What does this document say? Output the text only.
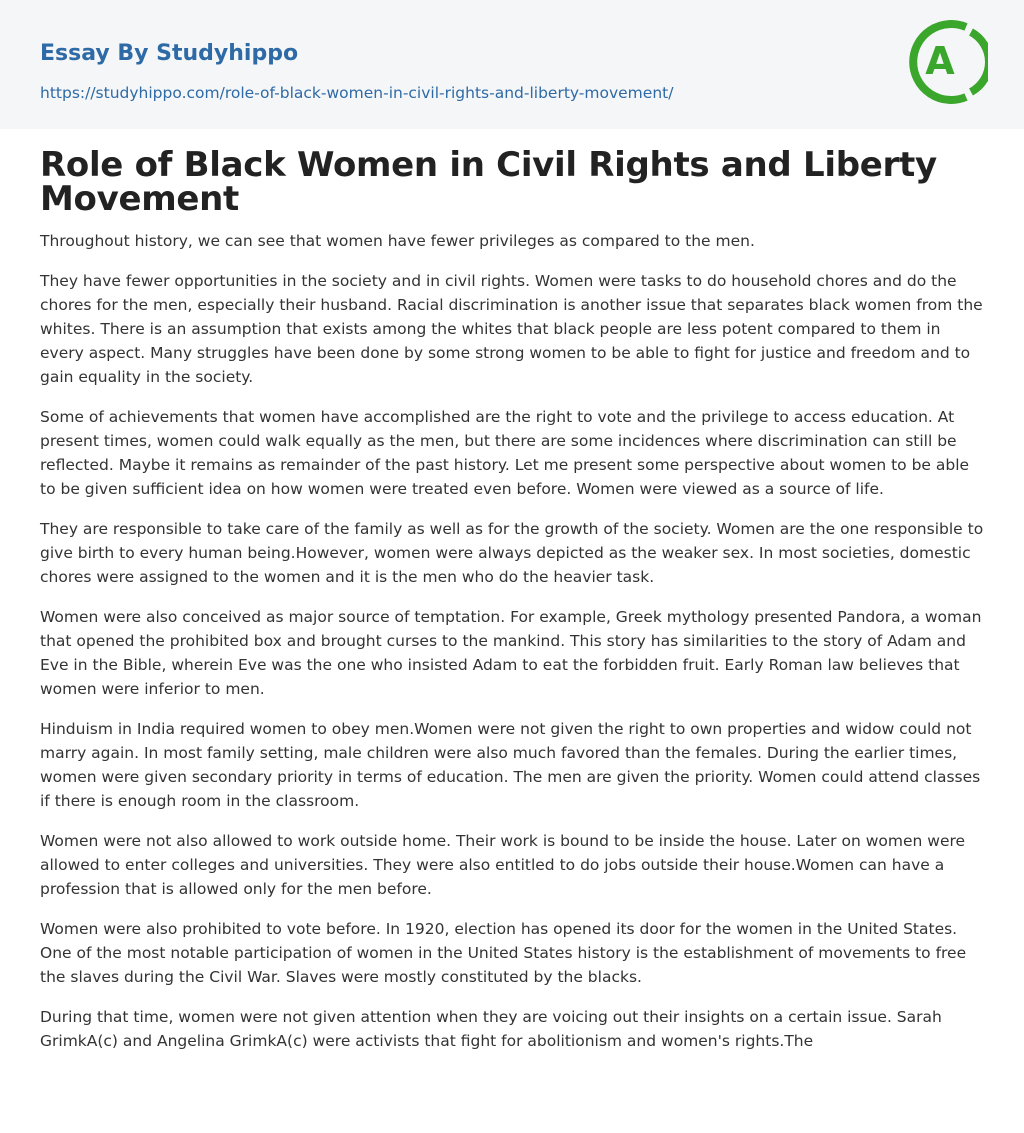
Essay By Studyhippo
https://studyhippo.com/role-of-black-women-in-civil-rights-and-liberty-movement/
A
Role of Black Women in Civil Rights and Liberty Movement

Throughout history, we can see that women have fewer privileges as compared to the men.

They have fewer opportunities in the society and in civil rights. Women were tasks to do household chores and do the chores for the men, especially their husband. Racial discrimination is another issue that separates black women from the whites. There is an assumption that exists among the whites that black people are less potent compared to them in every aspect. Many struggles have been done by some strong women to be able to fight for justice and freedom and to gain equality in the society.

Some of achievements that women have accomplished are the right to vote and the privilege to access education. At present times, women could walk equally as the men, but there are some incidences where discrimination can still be reflected. Maybe it remains as remainder of the past history. Let me present some perspective about women to be able to be given sufficient idea on how women were treated even before. Women were viewed as a source of life.

They are responsible to take care of the family as well as for the growth of the society. Women are the one responsible to give birth to every human being.However, women were always depicted as the weaker sex. In most societies, domestic chores were assigned to the women and it is the men who do the heavier task.

Women were also conceived as major source of temptation. For example, Greek mythology presented Pandora, a woman that opened the prohibited box and brought curses to the mankind. This story has similarities to the story of Adam and Eve in the Bible, wherein Eve was the one who insisted Adam to eat the forbidden fruit. Early Roman law believes that women were inferior to men.

Hinduism in India required women to obey men.Women were not given the right to own properties and widow could not marry again. In most family setting, male children were also much favored than the females. During the earlier times, women were given secondary priority in terms of education. The men are given the priority. Women could attend classes if there is enough room in the classroom.

Women were not also allowed to work outside home. Their work is bound to be inside the house. Later on women were allowed to enter colleges and universities. They were also entitled to do jobs outside their house.Women can have a profession that is allowed only for the men before.

Women were also prohibited to vote before. In 1920, election has opened its door for the women in the United States. One of the most notable participation of women in the United States history is the establishment of movements to free the slaves during the Civil War. Slaves were mostly constituted by the blacks.

During that time, women were not given attention when they are voicing out their insights on a certain issue. Sarah GrimkA(c) and Angelina GrimkA(c) were activists that fight for abolitionism and women's rights.The
